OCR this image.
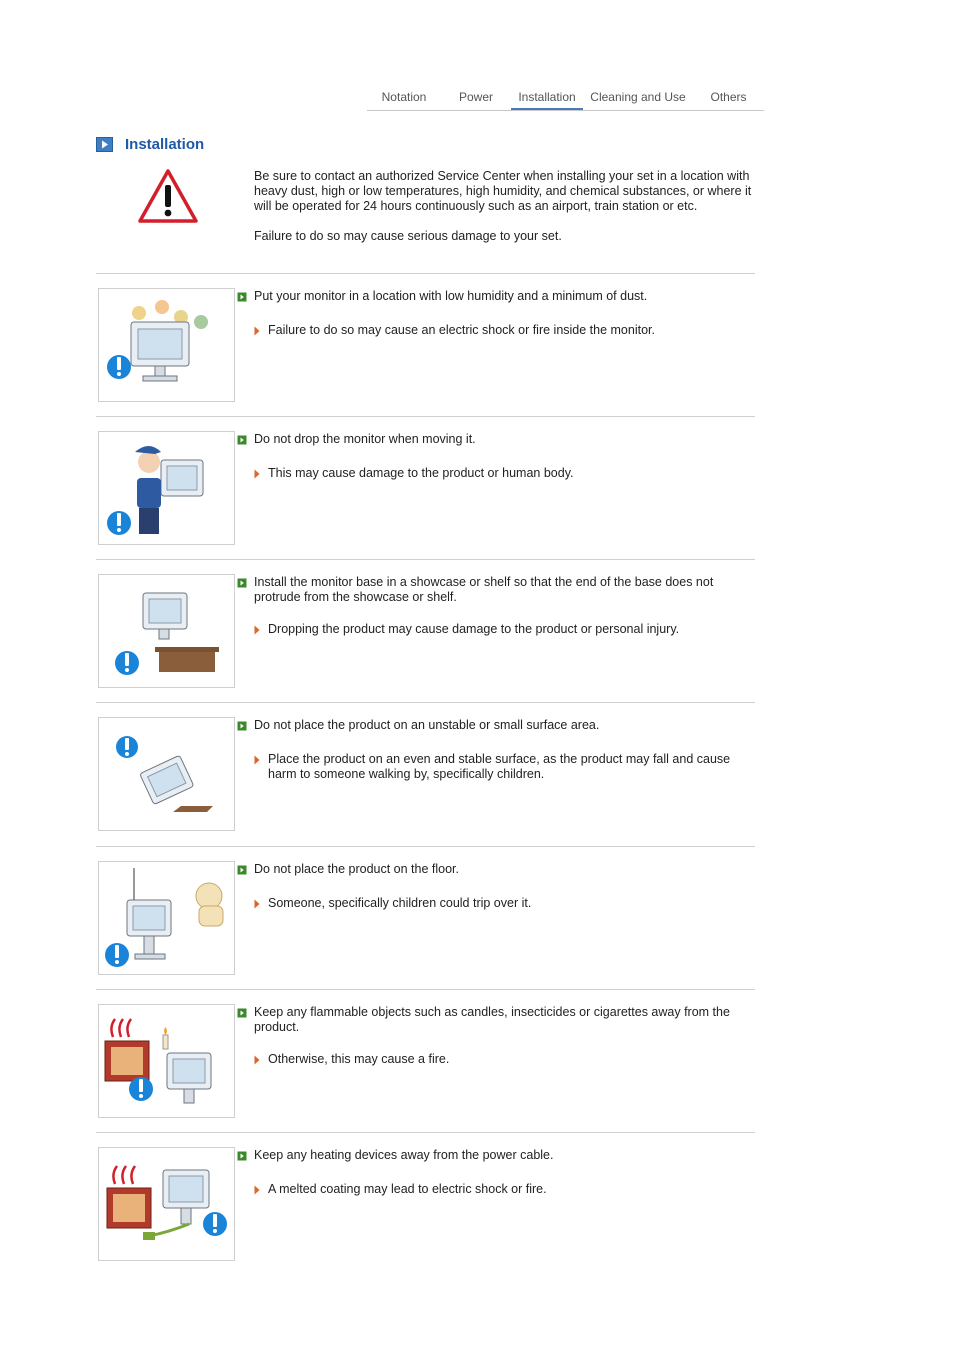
Notation	Power	Installation	Cleaning and Use	Others
Installation

Be sure to contact an authorized Service Center when installing your set in a location with heavy dust, high or low temperatures, high humidity, and chemical substances, or where it will be operated for 24 hours continuously such as an airport, train station or etc.

Failure to do so may cause serious damage to your set.

Put your monitor in a location with low humidity and a minimum of dust.
Failure to do so may cause an electric shock or fire inside the monitor.
Do not drop the monitor when moving it.
This may cause damage to the product or human body.
Install the monitor base in a showcase or shelf so that the end of the base does not protrude from the showcase or shelf.
Dropping the product may cause damage to the product or personal injury.
Do not place the product on an unstable or small surface area.
Place the product on an even and stable surface, as the product may fall and cause harm to someone walking by, specifically children.
Do not place the product on the floor.
Someone, specifically children could trip over it.
Keep any flammable objects such as candles, insecticides or cigarettes away from the product.
Otherwise, this may cause a fire.
Keep any heating devices away from the power cable.
A melted coating may lead to electric shock or fire.
